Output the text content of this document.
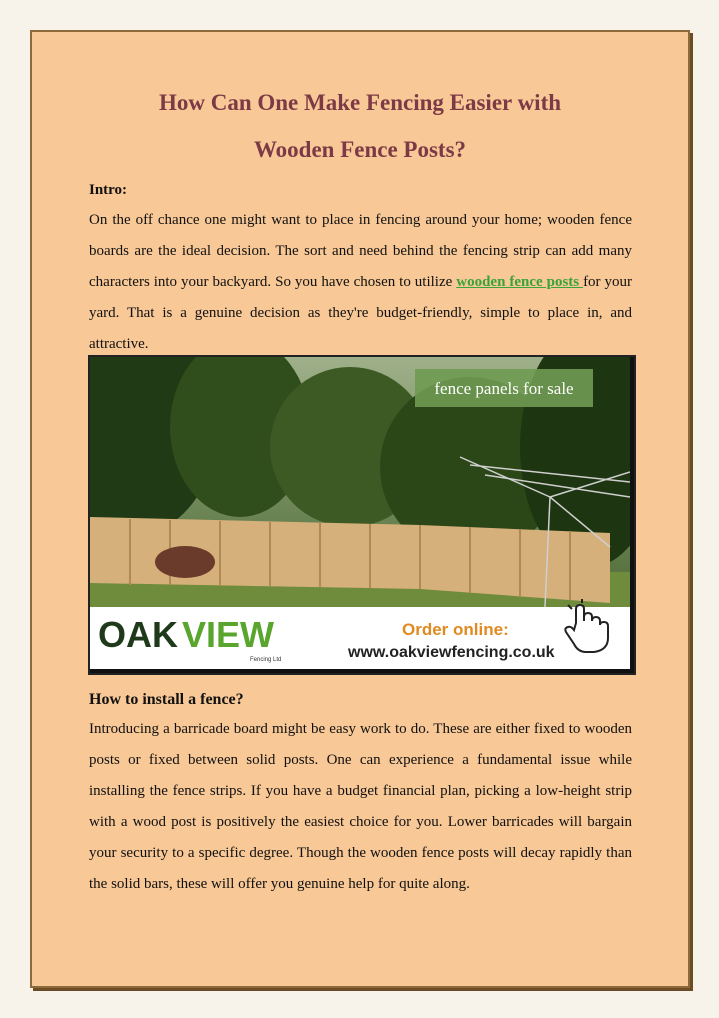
How Can One Make Fencing Easier with
Wooden Fence Posts?
Intro:

On the off chance one might want to place in fencing around your home; wooden fence boards are the ideal decision. The sort and need behind the fencing strip can add many characters into your backyard. So you have chosen to utilize wooden fence posts for your yard. That is a genuine decision as they're budget-friendly, simple to place in, and attractive.

fence panels for sale
OAK VIEW
Fencing Ltd
Order online:
www.oakviewfencing.co.uk
How to install a fence?
Introducing a barricade board might be easy work to do. These are either fixed to wooden posts or fixed between solid posts. One can experience a fundamental issue while installing the fence strips. If you have a budget financial plan, picking a low-height strip with a wood post is positively the easiest choice for you. Lower barricades will bargain your security to a specific degree. Though the wooden fence posts will decay rapidly than the solid bars, these will offer you genuine help for quite along.
